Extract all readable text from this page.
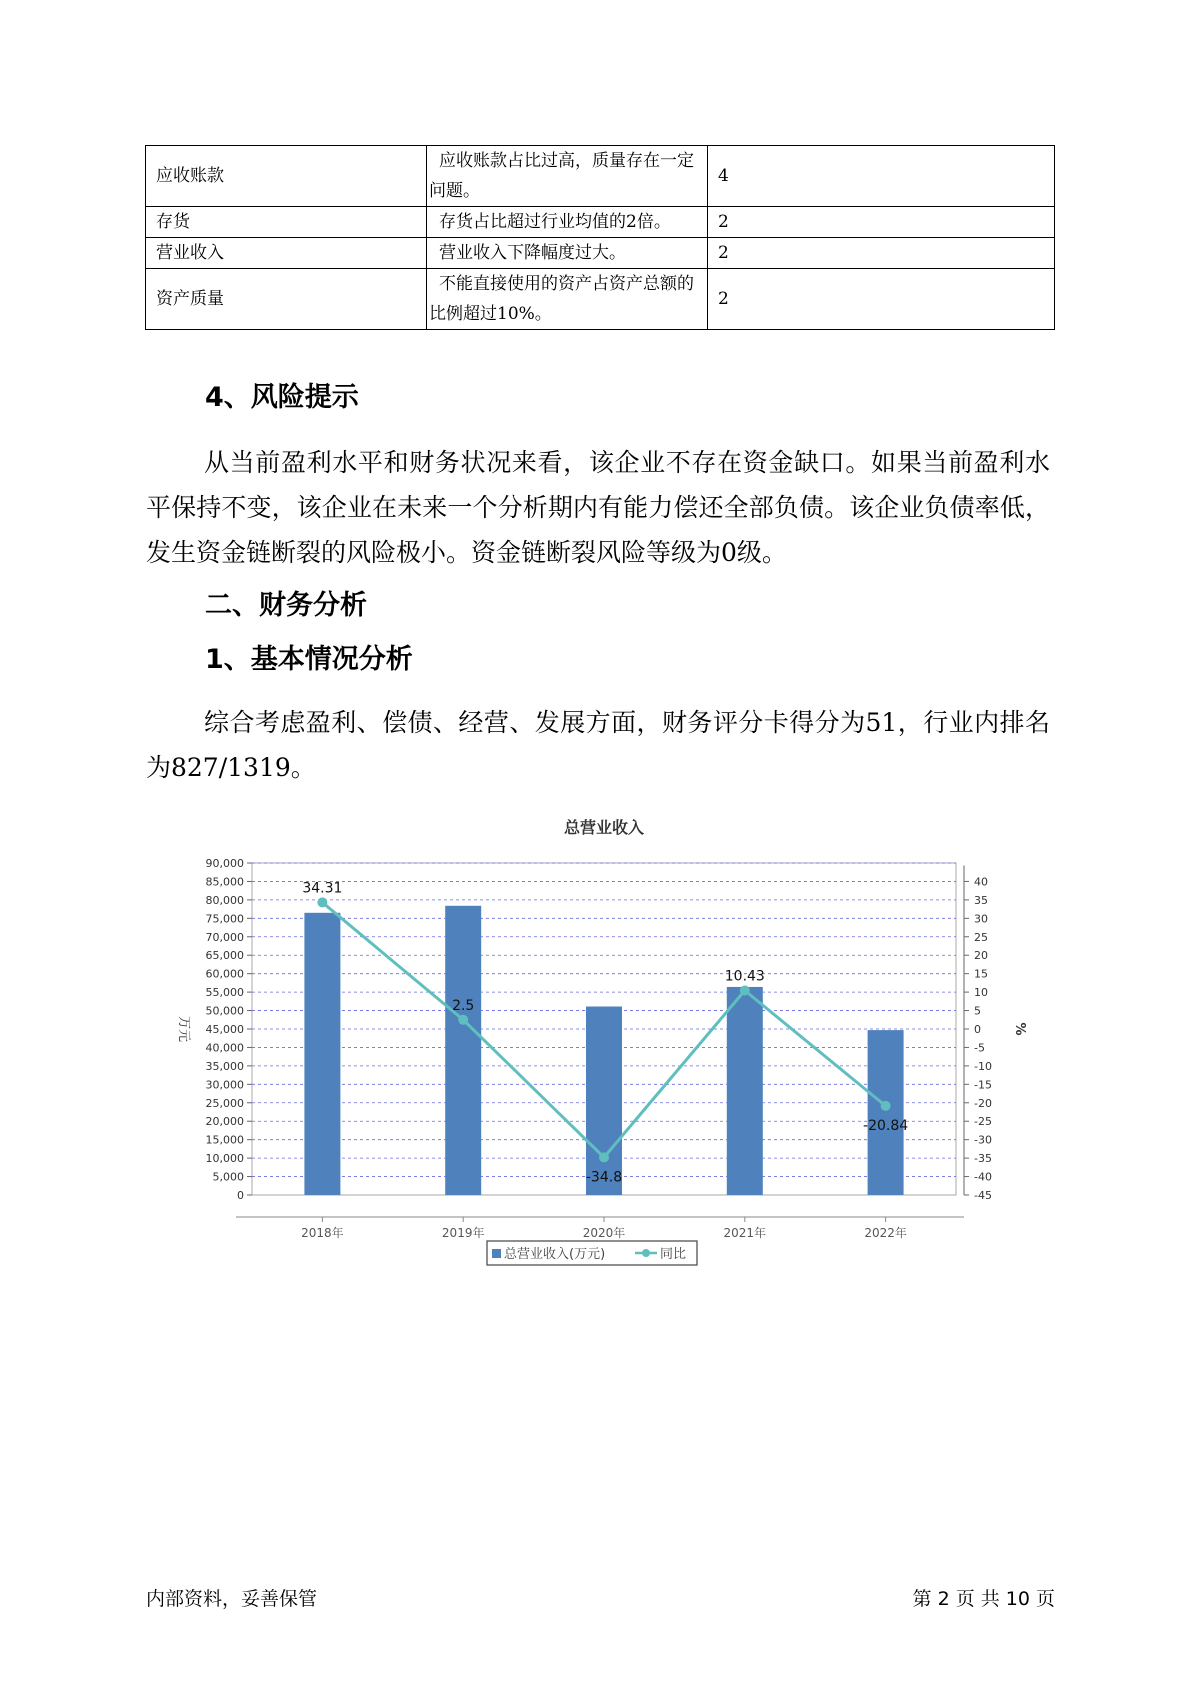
应收账款	应收账款占比过高，质量存在一定问题。	4
存货	存货占比超过行业均值的2倍。	2
营业收入	营业收入下降幅度过大。	2
资产质量	不能直接使用的资产占资产总额的比例超过10%。	2
4、风险提示

从当前盈利水平和财务状况来看，该企业不存在资金缺口。如果当前盈利水平保持不变，该企业在未来一个分析期内有能力偿还全部负债。该企业负债率低，发生资金链断裂的风险极小。资金链断裂风险等级为0级。

二、财务分析
1、基本情况分析

综合考虑盈利、偿债、经营、发展方面，财务评分卡得分为51，行业内排名为827/1319。

总营业收入
0
5,000
10,000
15,000
20,000
25,000
30,000
35,000
40,000
45,000
50,000
55,000
60,000
65,000
70,000
75,000
80,000
85,000
90,000
-45
-40
-35
-30
-25
-20
-15
-10
-5
0
5
10
15
20
25
30
35
40
万元	%
2018年	2019年	2020年	2021年	2022年
34.31
2.5
-34.8
10.43
-20.84
总营业收入(万元)	同比
内部资料，妥善保管	第 2 页 共 10 页
